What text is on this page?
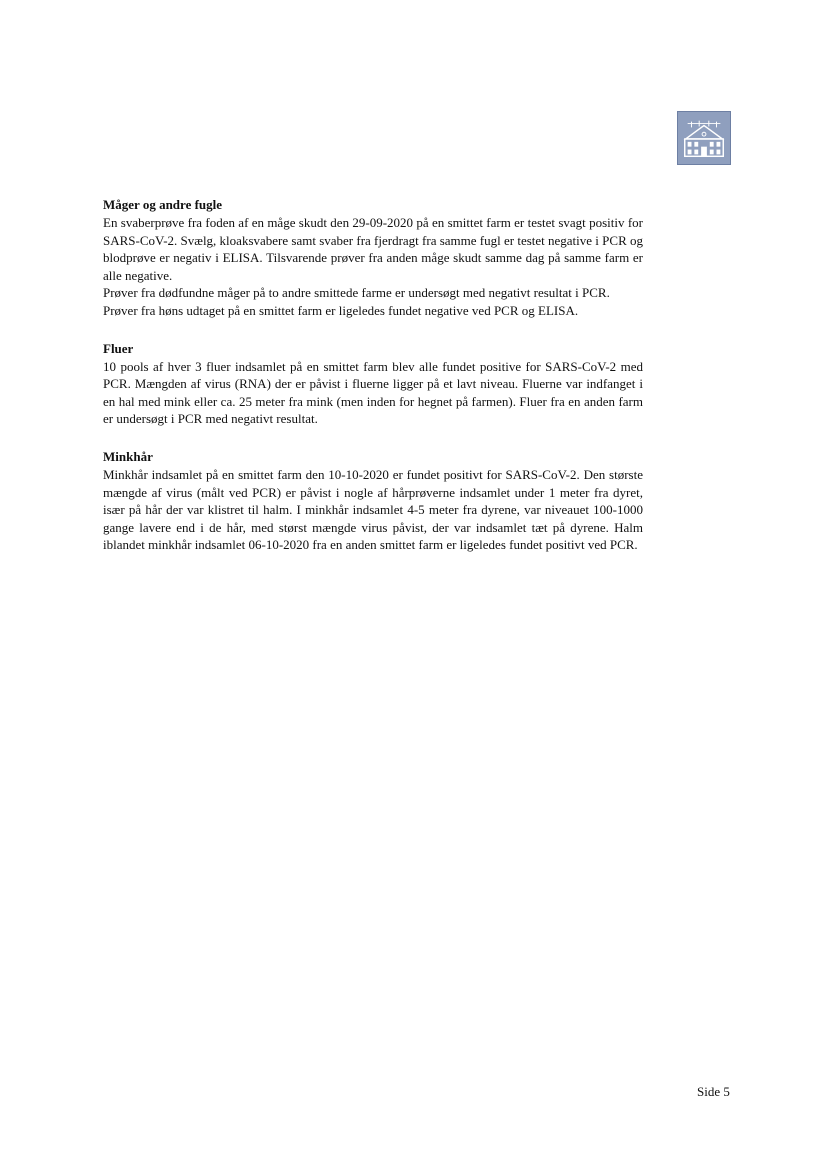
Måger og andre fugle

En svaberprøve fra foden af en måge skudt den 29-09-2020 på en smittet farm er testet svagt positiv for SARS-CoV-2. Svælg, kloaksvabere samt svaber fra fjerdragt fra samme fugl er testet negative i PCR og blodprøve er negativ i ELISA. Tilsvarende prøver fra anden måge skudt samme dag på samme farm er alle negative.

Prøver fra dødfundne måger på to andre smittede farme er undersøgt med negativt resultat i PCR.

Prøver fra høns udtaget på en smittet farm er ligeledes fundet negative ved PCR og ELISA.

Fluer

10 pools af hver 3 fluer indsamlet på en smittet farm blev alle fundet positive for SARS-CoV-2 med PCR. Mængden af virus (RNA) der er påvist i fluerne ligger på et lavt niveau. Fluerne var indfanget i en hal med mink eller ca. 25 meter fra mink (men inden for hegnet på farmen). Fluer fra en anden farm er undersøgt i PCR med negativt resultat.

Minkhår

Minkhår indsamlet på en smittet farm den 10-10-2020 er fundet positivt for SARS-CoV-2. Den største mængde af virus (målt ved PCR) er påvist i nogle af hårprøverne indsamlet under 1 meter fra dyret, især på hår der var klistret til halm. I minkhår indsamlet 4-5 meter fra dyrene, var niveauet 100-1000 gange lavere end i de hår, med størst mængde virus påvist, der var indsamlet tæt på dyrene. Halm iblandet minkhår indsamlet 06-10-2020 fra en anden smittet farm er ligeledes fundet positivt ved PCR.

Side 5
